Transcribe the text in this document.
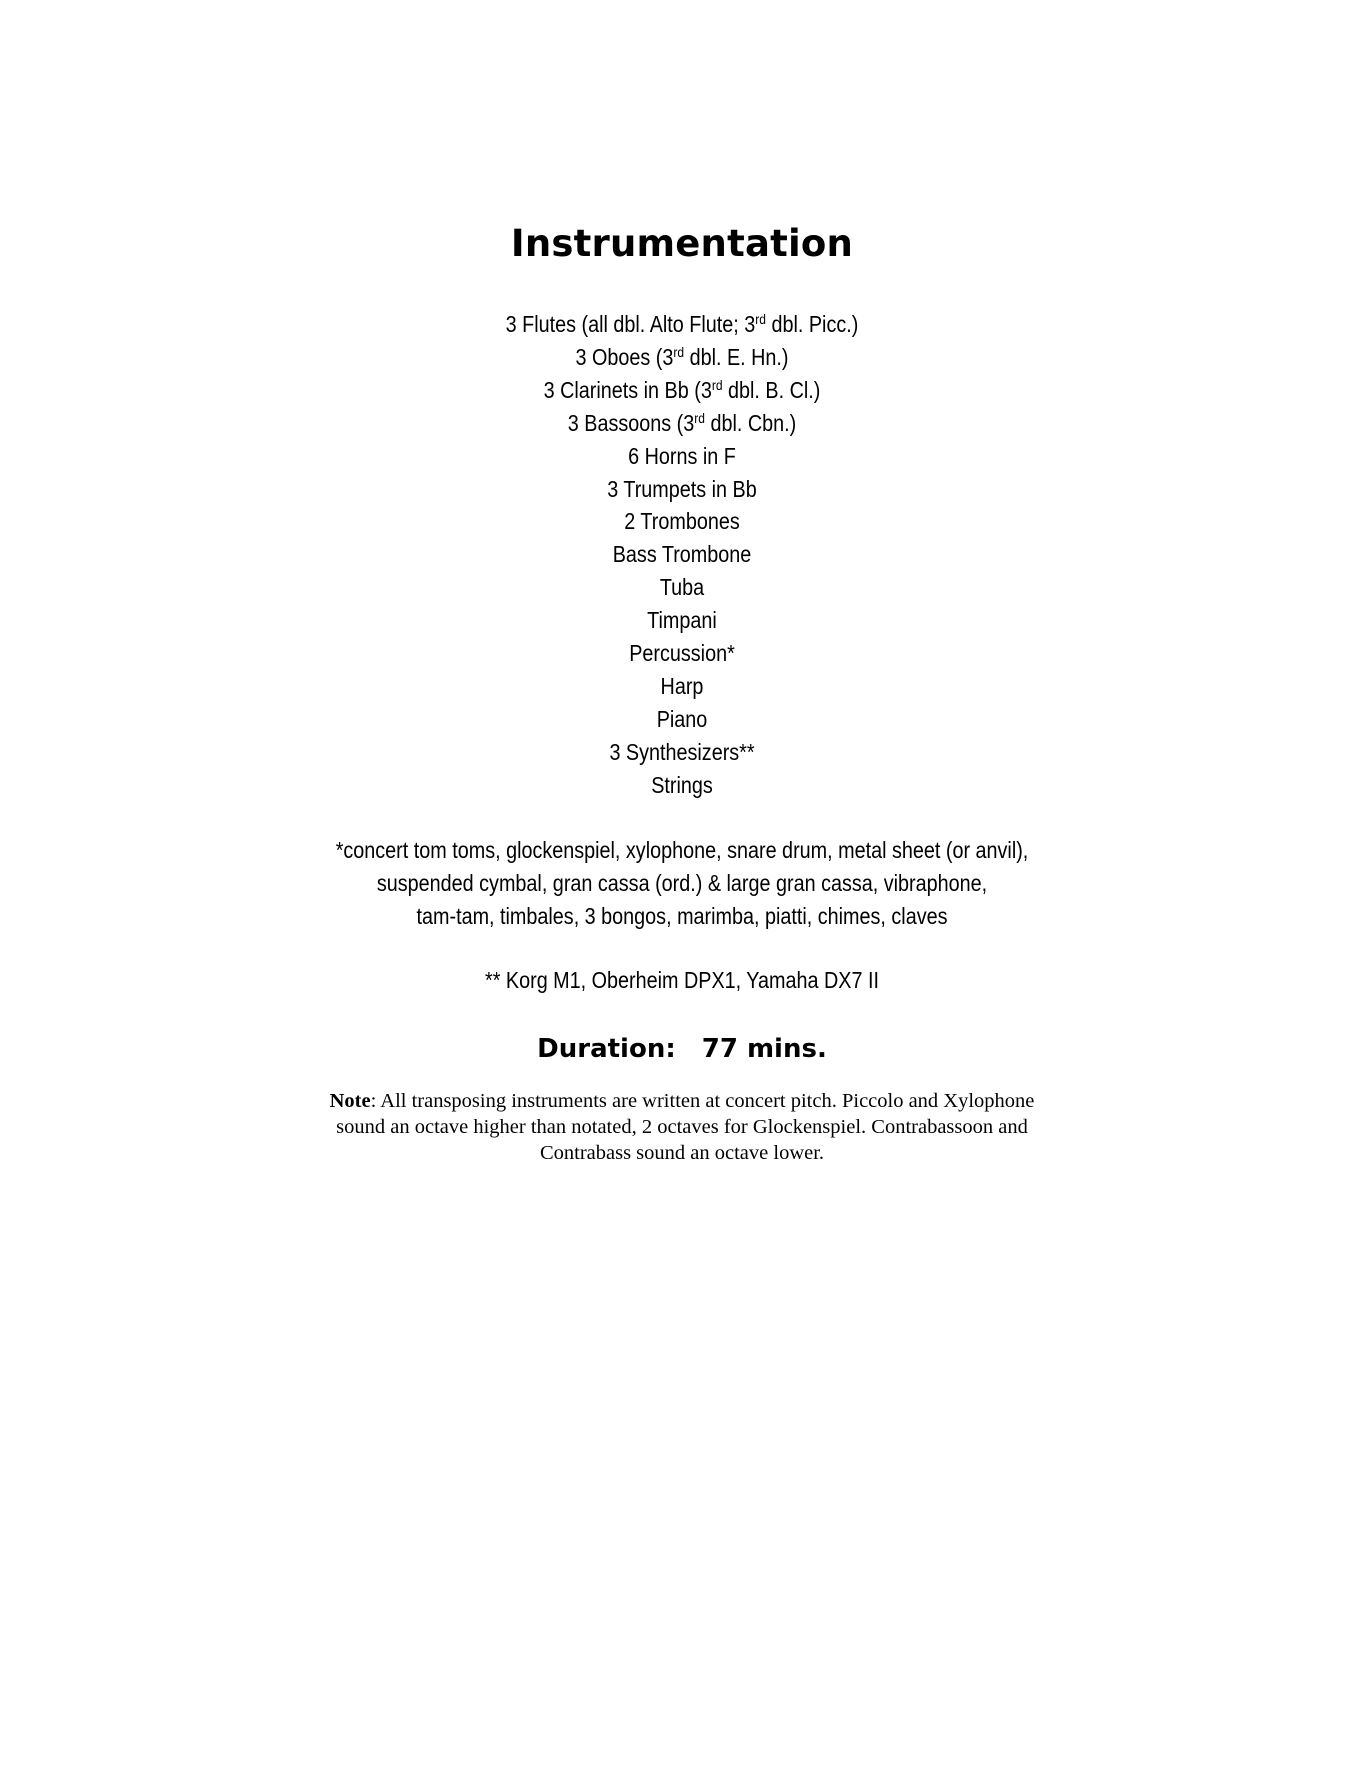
Instrumentation
3 Flutes (all dbl. Alto Flute; 3rd dbl. Picc.)
3 Oboes (3rd dbl. E. Hn.)
3 Clarinets in Bb (3rd dbl. B. Cl.)
3 Bassoons (3rd dbl. Cbn.)
6 Horns in F
3 Trumpets in Bb
2 Trombones
Bass Trombone
Tuba
Timpani
Percussion*
Harp
Piano
3 Synthesizers**
Strings

*concert tom toms, glockenspiel, xylophone, snare drum, metal sheet (or anvil),

suspended cymbal, gran cassa (ord.) & large gran cassa, vibraphone,

tam-tam, timbales, 3 bongos, marimba, piatti, chimes, claves

** Korg M1, Oberheim DPX1, Yamaha DX7 II

Duration: 77 mins.

Note: All transposing instruments are written at concert pitch. Piccolo and Xylophone

sound an octave higher than notated, 2 octaves for Glockenspiel. Contrabassoon and

Contrabass sound an octave lower.
